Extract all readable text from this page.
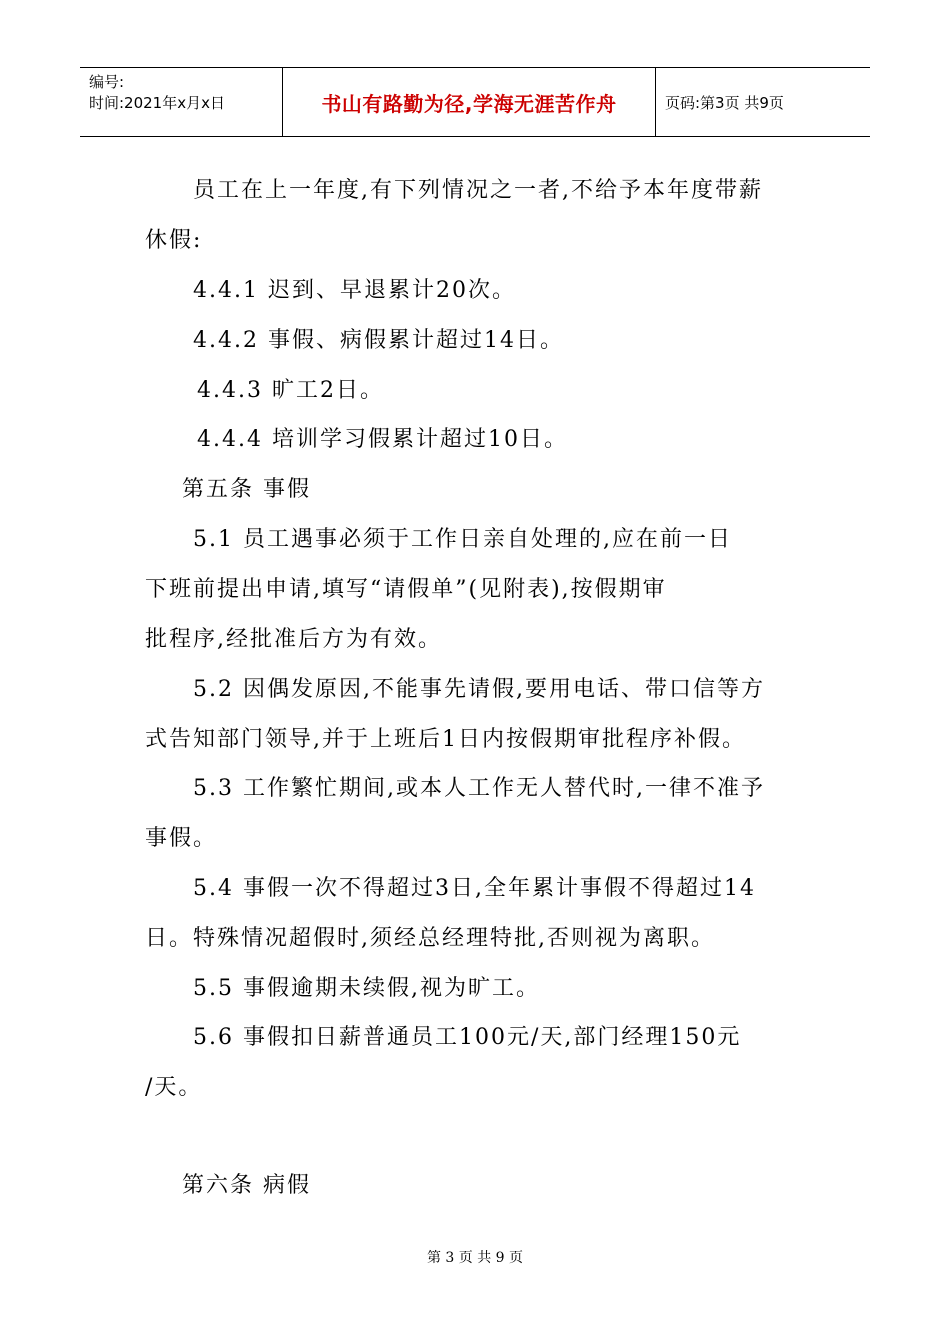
编号:
时间:2021年x月x日	书山有路勤为径,学海无涯苦作舟	页码:第3页 共9页
员工在上一年度,有下列情况之一者,不给予本年度带薪
休假:
4.4.1 迟到、早退累计20次。
4.4.2 事假、病假累计超过14日。
4.4.3 旷工2日。
4.4.4 培训学习假累计超过10日。
第五条 事假
5.1 员工遇事必须于工作日亲自处理的,应在前一日
下班前提出申请,填写“请假单”(见附表),按假期审
批程序,经批准后方为有效。
5.2 因偶发原因,不能事先请假,要用电话、带口信等方
式告知部门领导,并于上班后1日内按假期审批程序补假。
5.3 工作繁忙期间,或本人工作无人替代时,一律不准予
事假。
5.4 事假一次不得超过3日,全年累计事假不得超过14
日。特殊情况超假时,须经总经理特批,否则视为离职。
5.5 事假逾期未续假,视为旷工。
5.6 事假扣日薪普通员工100元/天,部门经理150元
/天。
第六条 病假
第 3 页 共 9 页
